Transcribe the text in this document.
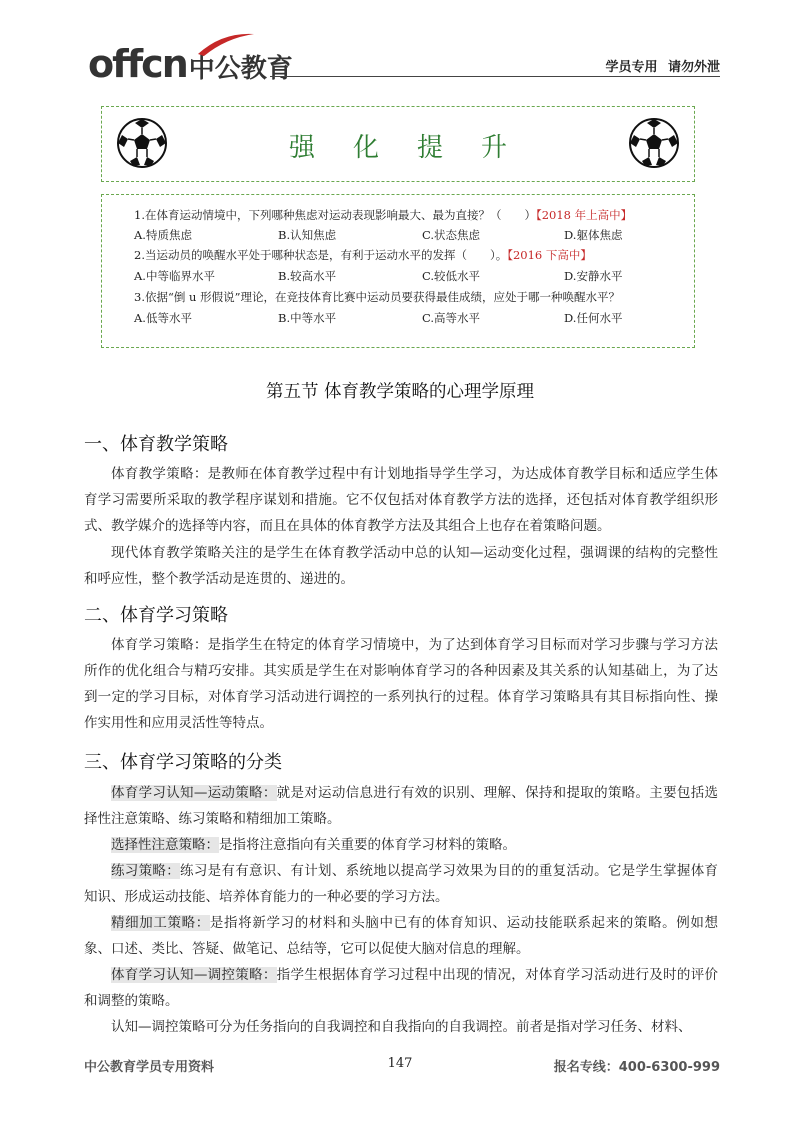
offcn中公教育	学员专用 请勿外泄
强化提升
1.在体育运动情境中，下列哪种焦虑对运动表现影响最大、最为直接？（　　）【2018 年上高中】
A.特质焦虑	B.认知焦虑	C.状态焦虑	D.躯体焦虑
2.当运动员的唤醒水平处于哪种状态是，有利于运动水平的发挥（　　）。【2016 下高中】
A.中等临界水平	B.较高水平	C.较低水平	D.安静水平
3.依据“倒 u 形假说”理论，在竞技体育比赛中运动员要获得最佳成绩，应处于哪一种唤醒水平？
A.低等水平	B.中等水平	C.高等水平	D.任何水平
第五节 体育教学策略的心理学原理
一、体育教学策略
体育教学策略：是教师在体育教学过程中有计划地指导学生学习，为达成体育教学目标和适应学生体育学习需要所采取的教学程序谋划和措施。它不仅包括对体育教学方法的选择，还包括对体育教学组织形式、教学媒介的选择等内容，而且在具体的体育教学方法及其组合上也存在着策略问题。
现代体育教学策略关注的是学生在体育教学活动中总的认知—运动变化过程，强调课的结构的完整性和呼应性，整个教学活动是连贯的、递进的。
二、体育学习策略
体育学习策略：是指学生在特定的体育学习情境中，为了达到体育学习目标而对学习步骤与学习方法所作的优化组合与精巧安排。其实质是学生在对影响体育学习的各种因素及其关系的认知基础上，为了达到一定的学习目标，对体育学习活动进行调控的一系列执行的过程。体育学习策略具有其目标指向性、操作实用性和应用灵活性等特点。
三、体育学习策略的分类
体育学习认知—运动策略：就是对运动信息进行有效的识别、理解、保持和提取的策略。主要包括选择性注意策略、练习策略和精细加工策略。
选择性注意策略：是指将注意指向有关重要的体育学习材料的策略。
练习策略：练习是有有意识、有计划、系统地以提高学习效果为目的的重复活动。它是学生掌握体育知识、形成运动技能、培养体育能力的一种必要的学习方法。
精细加工策略：是指将新学习的材料和头脑中已有的体育知识、运动技能联系起来的策略。例如想象、口述、类比、答疑、做笔记、总结等，它可以促使大脑对信息的理解。
体育学习认知—调控策略：指学生根据体育学习过程中出现的情况，对体育学习活动进行及时的评价和调整的策略。
认知—调控策略可分为任务指向的自我调控和自我指向的自我调控。前者是指对学习任务、材料、
中公教育学员专用资料	147	报名专线：400-6300-999
